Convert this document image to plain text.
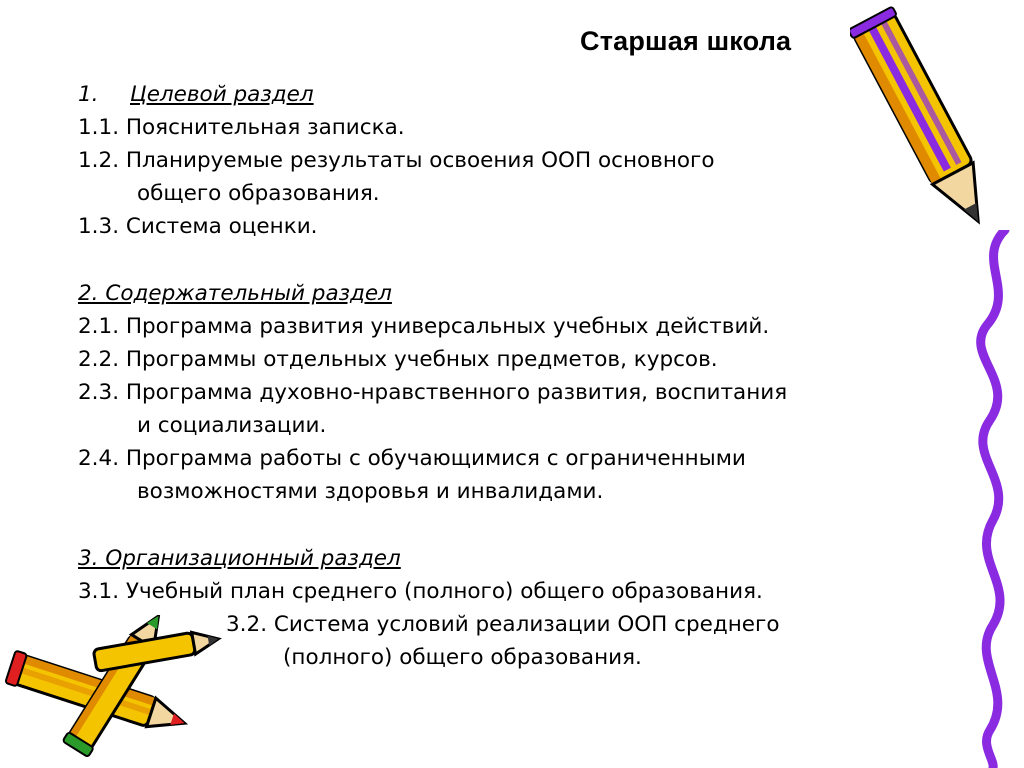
Старшая школа
1. Целевой раздел
1.1. Пояснительная записка.
1.2. Планируемые результаты освоения ООП основного
общего образования.
1.3. Система оценки.
2. Содержательный раздел
2.1. Программа развития универсальных учебных действий.
2.2. Программы отдельных учебных предметов, курсов.
2.3. Программа духовно-нравственного развития, воспитания
и социализации.
2.4. Программа работы с обучающимися с ограниченными
возможностями здоровья и инвалидами.
3. Организационный раздел
3.1. Учебный план среднего (полного) общего образования.
3.2. Система условий реализации ООП среднего
(полного) общего образования.
